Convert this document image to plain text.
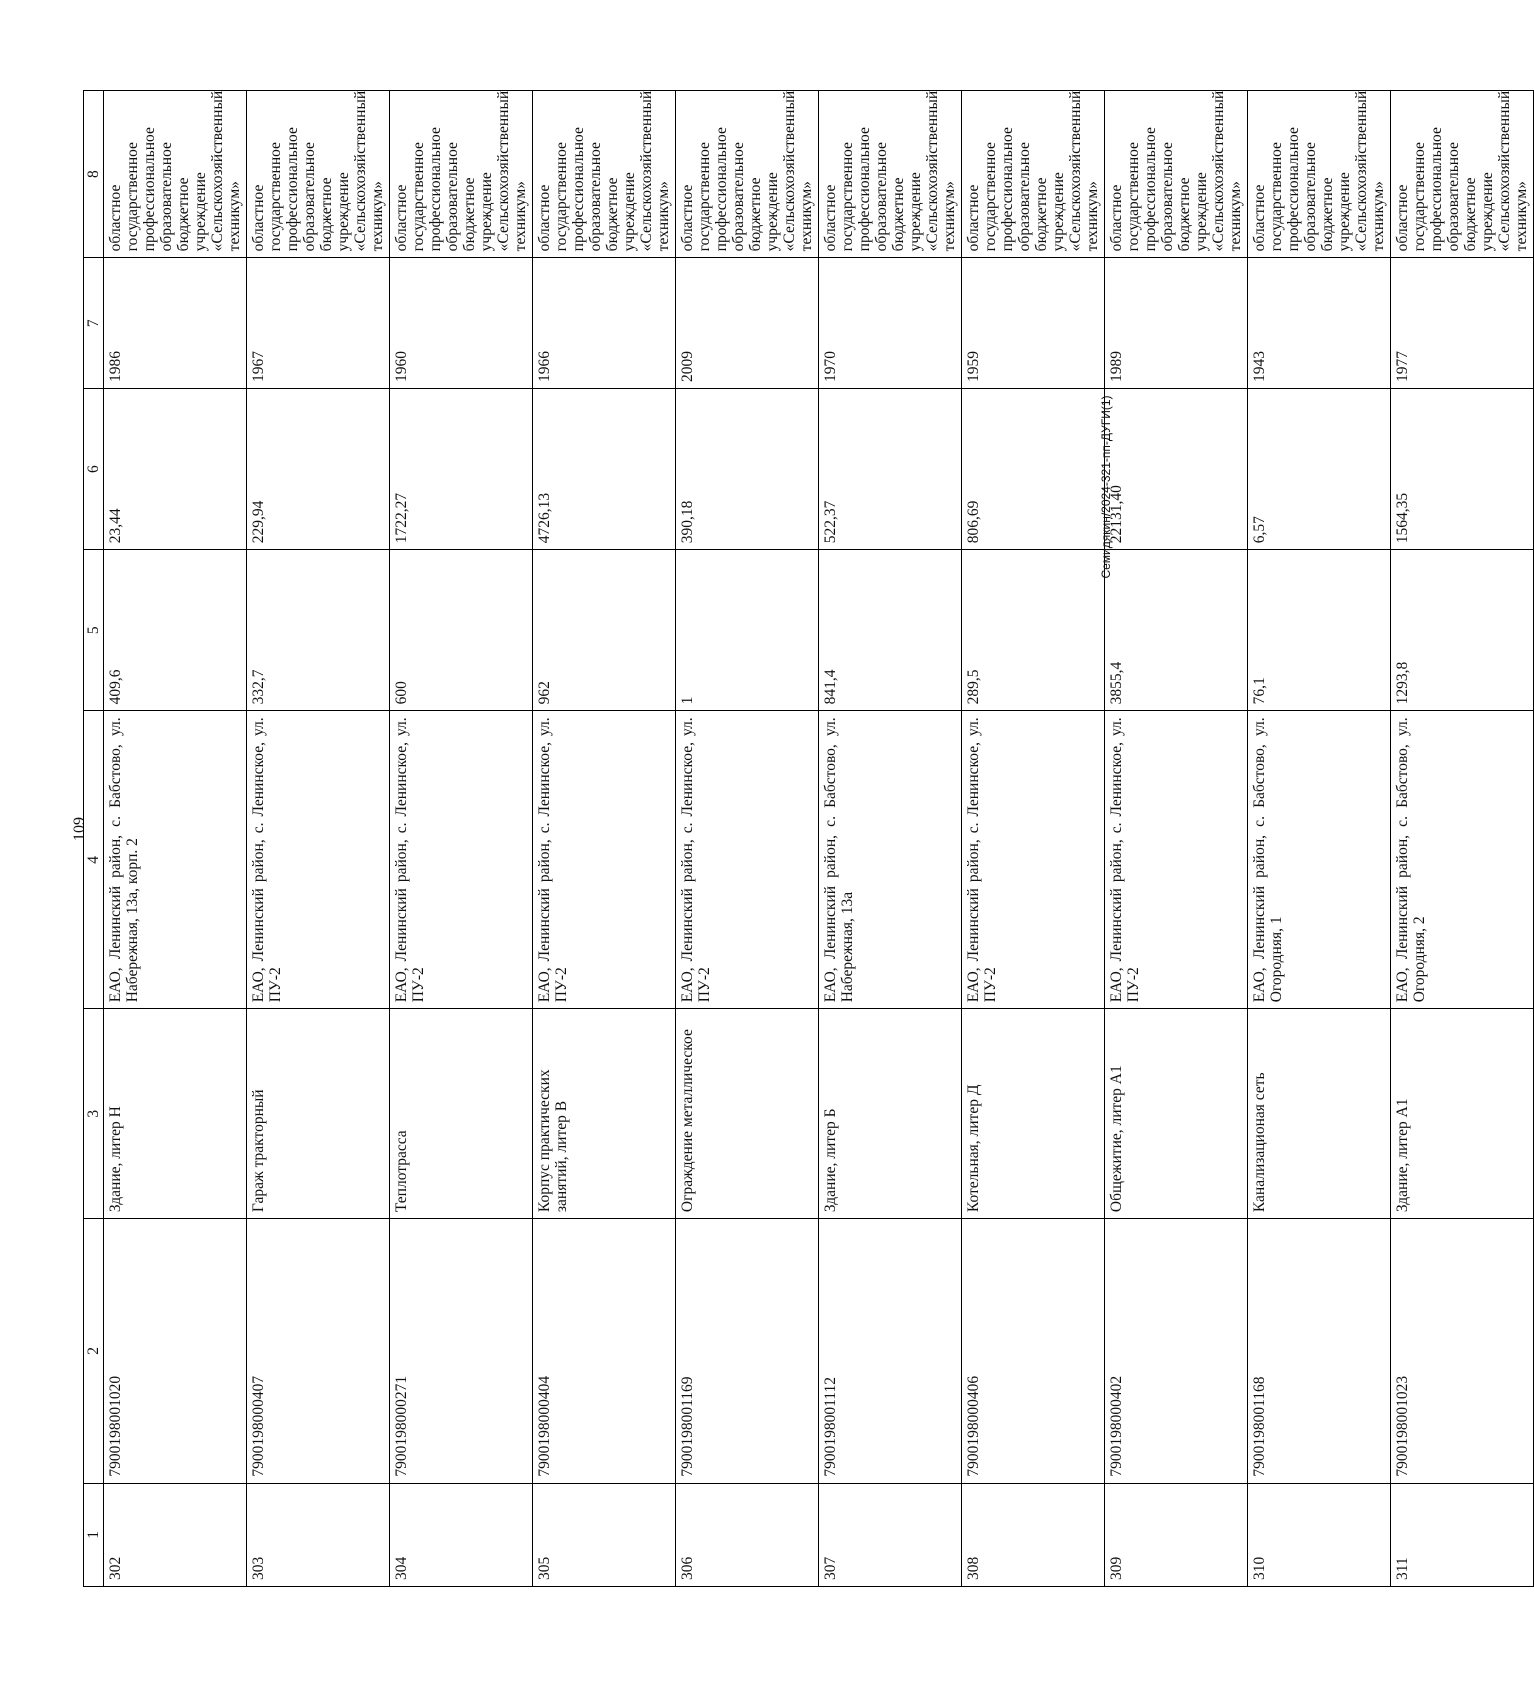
109
1	2	3	4	5	6	7	8
302	7900198001020	Здание, литер Н	ЕАО, Ленинский район, с. Бабстово, ул. Набережная, 13а, корп. 2	409,6	23,44	1986	областное государственное профессиональное образовательное бюджетное учреждение «Сельскохозяйственный техникум»
303	7900198000407	Гараж тракторный	ЕАО, Ленинский район, с. Ленинское, ул. ПУ-2	332,7	229,94	1967	областное государственное профессиональное образовательное бюджетное учреждение «Сельскохозяйственный техникум»
304	7900198000271	Теплотрасса	ЕАО, Ленинский район, с. Ленинское, ул. ПУ-2	600	1722,27	1960	областное государственное профессиональное образовательное бюджетное учреждение «Сельскохозяйственный техникум»
305	7900198000404	Корпус практических занятий, литер В	ЕАО, Ленинский район, с. Ленинское, ул. ПУ-2	962	4726,13	1966	областное государственное профессиональное образовательное бюджетное учреждение «Сельскохозяйственный техникум»
306	7900198001169	Ограждение металлическое	ЕАО, Ленинский район, с. Ленинское, ул. ПУ-2	1	390,18	2009	областное государственное профессиональное образовательное бюджетное учреждение «Сельскохозяйственный техникум»
307	7900198001112	Здание, литер Б	ЕАО, Ленинский район, с. Бабстово, ул. Набережная, 13а	841,4	522,37	1970	областное государственное профессиональное образовательное бюджетное учреждение «Сельскохозяйственный техникум»
308	7900198000406	Котельная, литер Д	ЕАО, Ленинский район, с. Ленинское, ул. ПУ-2	289,5	806,69	1959	областное государственное профессиональное образовательное бюджетное учреждение «Сельскохозяйственный техникум»
309	7900198000402	Общежитие, литер А1	ЕАО, Ленинский район, с. Ленинское, ул. ПУ-2	3855,4	22131,40	1989	областное государственное профессиональное образовательное бюджетное учреждение «Сельскохозяйственный техникум»
310	7900198001168	Канализационая сеть	ЕАО, Ленинский район, с. Бабстово, ул. Огородняя, 1	76,1	6,57	1943	областное государственное профессиональное образовательное бюджетное учреждение «Сельскохозяйственный техникум»
311	7900198001023	Здание, литер А1	ЕАО, Ленинский район, с. Бабстово, ул. Огородняя, 2	1293,8	1564,35	1977	областное государственное профессиональное образовательное бюджетное учреждение «Сельскохозяйственный техникум»
Семидякин/2024-321-пп-ДУГИ(1)
